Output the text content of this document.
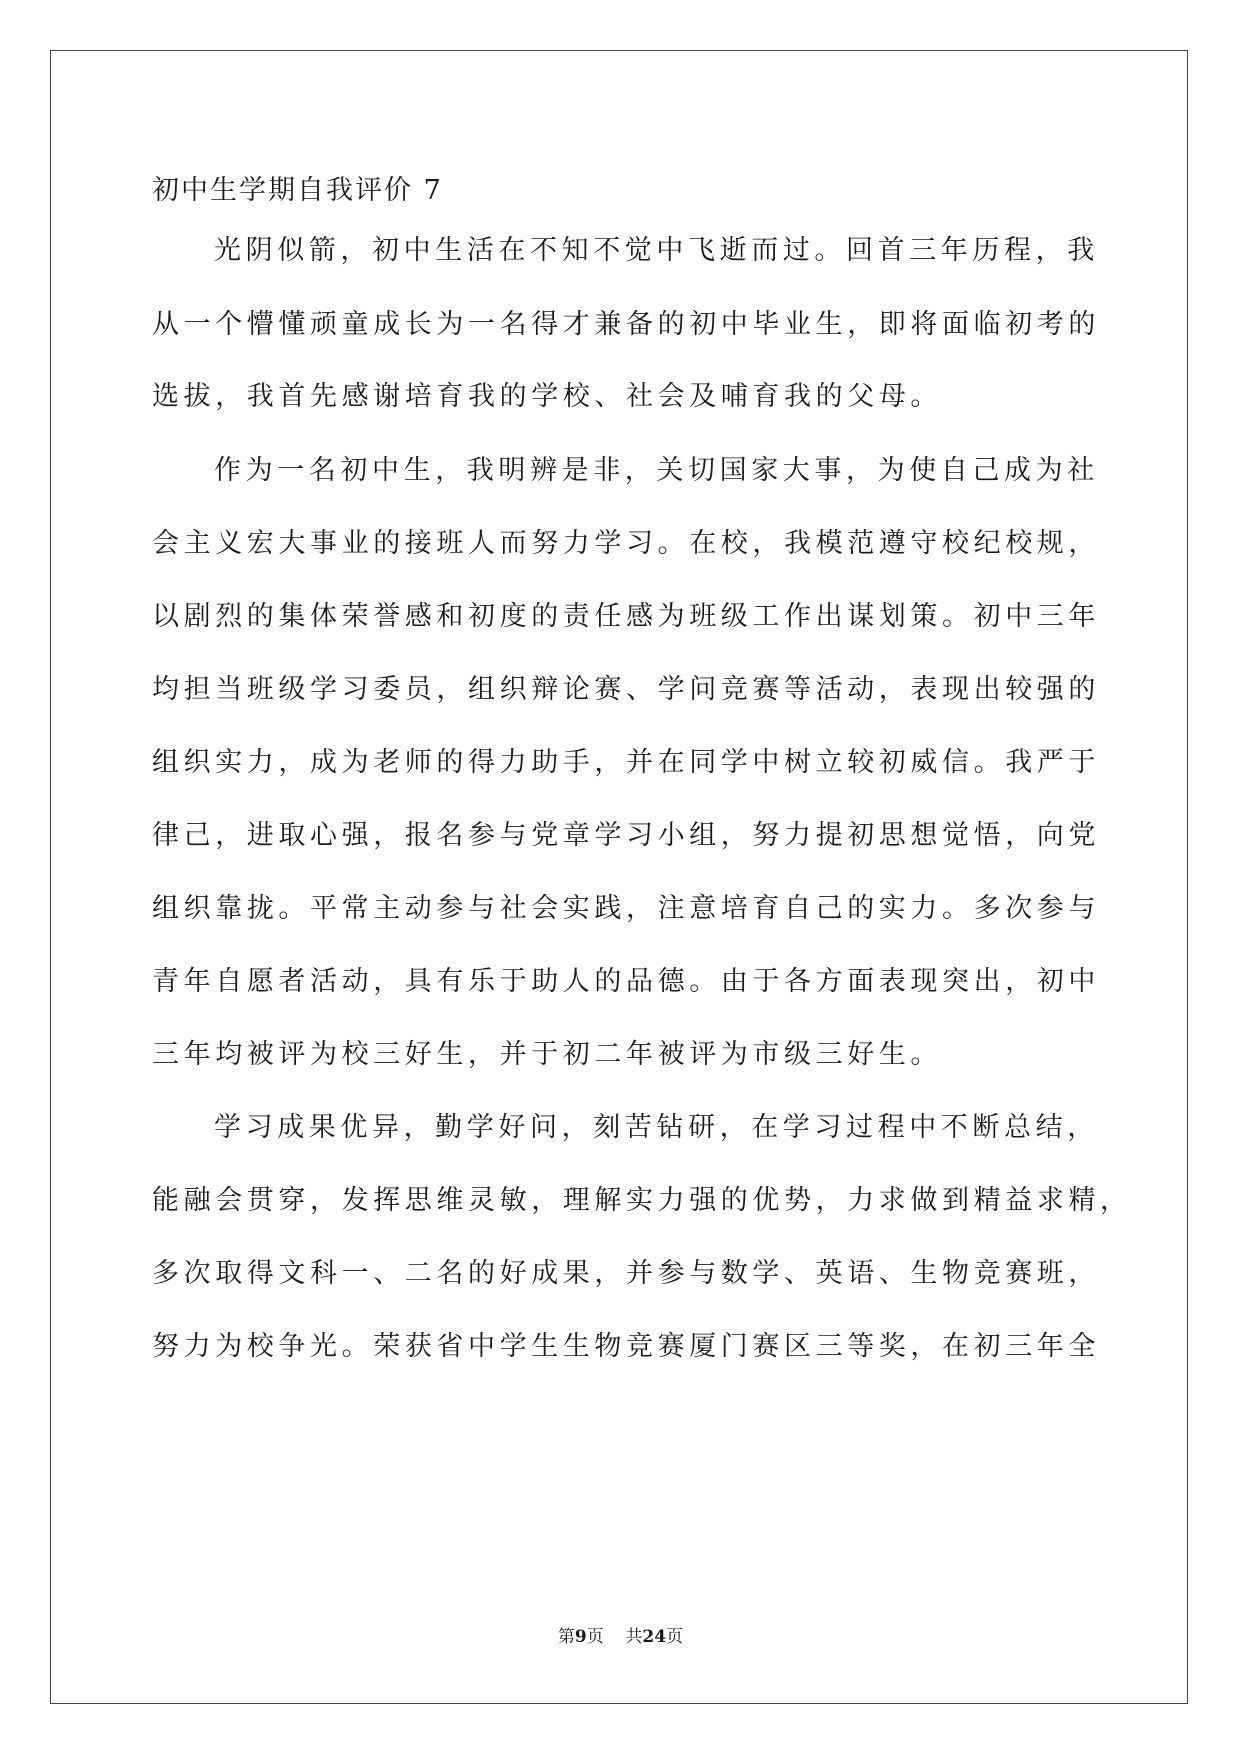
初中生学期自我评价 7
光阴似箭，初中生活在不知不觉中飞逝而过。回首三年历程，我
从一个懵懂顽童成长为一名得才兼备的初中毕业生，即将面临初考的
选拔，我首先感谢培育我的学校、社会及哺育我的父母。
作为一名初中生，我明辨是非，关切国家大事，为使自己成为社
会主义宏大事业的接班人而努力学习。在校，我模范遵守校纪校规，
以剧烈的集体荣誉感和初度的责任感为班级工作出谋划策。初中三年
均担当班级学习委员，组织辩论赛、学问竞赛等活动，表现出较强的
组织实力，成为老师的得力助手，并在同学中树立较初威信。我严于
律己，进取心强，报名参与党章学习小组，努力提初思想觉悟，向党
组织靠拢。平常主动参与社会实践，注意培育自己的实力。多次参与
青年自愿者活动，具有乐于助人的品德。由于各方面表现突出，初中
三年均被评为校三好生，并于初二年被评为市级三好生。
学习成果优异，勤学好问，刻苦钻研，在学习过程中不断总结，
能融会贯穿，发挥思维灵敏，理解实力强的优势，力求做到精益求精，
多次取得文科一、二名的好成果，并参与数学、英语、生物竞赛班，
努力为校争光。荣获省中学生生物竞赛厦门赛区三等奖，在初三年全
第9页 共24页
